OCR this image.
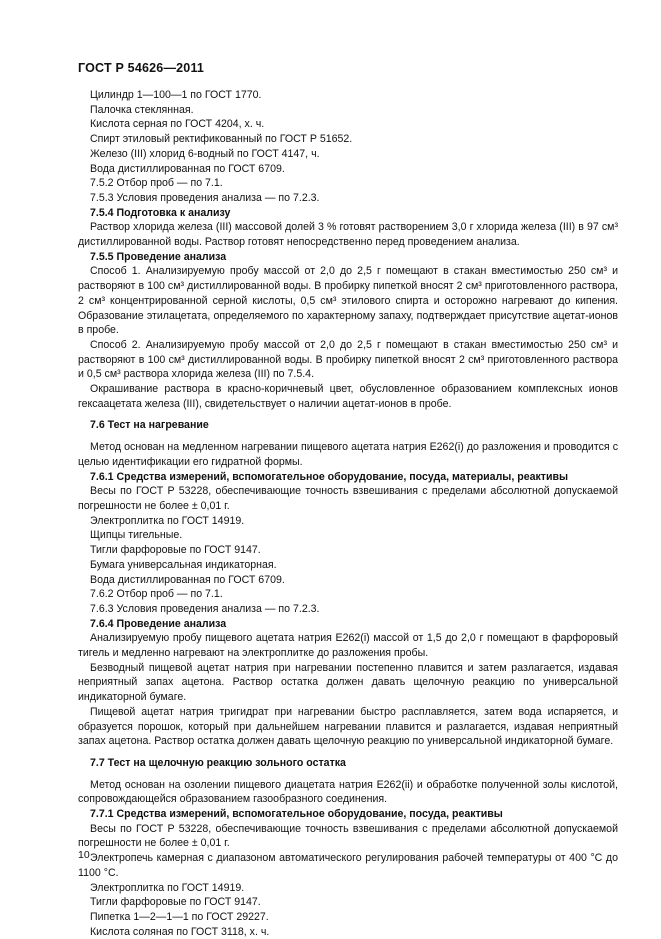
ГОСТ Р 54626—2011

Цилиндр 1—100—1 по ГОСТ 1770.

Палочка стеклянная.

Кислота серная по ГОСТ 4204, х. ч.

Спирт этиловый ректификованный по ГОСТ Р 51652.

Железо (III) хлорид 6-водный по ГОСТ 4147, ч.

Вода дистиллированная по ГОСТ 6709.

7.5.2 Отбор проб — по 7.1.

7.5.3 Условия проведения анализа — по 7.2.3.

7.5.4 Подготовка к анализу

Раствор хлорида железа (III) массовой долей 3 % готовят растворением 3,0 г хлорида железа (III) в 97 см³ дистиллированной воды. Раствор готовят непосредственно перед проведением анализа.

7.5.5 Проведение анализа

Способ 1. Анализируемую пробу массой от 2,0 до 2,5 г помещают в стакан вместимостью 250 см³ и растворяют в 100 см³ дистиллированной воды. В пробирку пипеткой вносят 2 см³ приготовленного раствора, 2 см³ концентрированной серной кислоты, 0,5 см³ этилового спирта и осторожно нагревают до кипения. Образование этилацетата, определяемого по характерному запаху, подтверждает присутствие ацетат-ионов в пробе.

Способ 2. Анализируемую пробу массой от 2,0 до 2,5 г помещают в стакан вместимостью 250 см³ и растворяют в 100 см³ дистиллированной воды. В пробирку пипеткой вносят 2 см³ приготовленного раствора и 0,5 см³ раствора хлорида железа (III) по 7.5.4.

Окрашивание раствора в красно-коричневый цвет, обусловленное образованием комплексных ионов гексаацетата железа (III), свидетельствует о наличии ацетат-ионов в пробе.

7.6 Тест на нагревание

Метод основан на медленном нагревании пищевого ацетата натрия Е262(i) до разложения и проводится с целью идентификации его гидратной формы.

7.6.1 Средства измерений, вспомогательное оборудование, посуда, материалы, реактивы

Весы по ГОСТ Р 53228, обеспечивающие точность взвешивания с пределами абсолютной допускаемой погрешности не более ± 0,01 г.

Электроплитка по ГОСТ 14919.

Щипцы тигельные.

Тигли фарфоровые по ГОСТ 9147.

Бумага универсальная индикаторная.

Вода дистиллированная по ГОСТ 6709.

7.6.2 Отбор проб — по 7.1.

7.6.3 Условия проведения анализа — по 7.2.3.

7.6.4 Проведение анализа

Анализируемую пробу пищевого ацетата натрия Е262(i) массой от 1,5 до 2,0 г помещают в фарфоровый тигель и медленно нагревают на электроплитке до разложения пробы.

Безводный пищевой ацетат натрия при нагревании постепенно плавится и затем разлагается, издавая неприятный запах ацетона. Раствор остатка должен давать щелочную реакцию по универсальной индикаторной бумаге.

Пищевой ацетат натрия тригидрат при нагревании быстро расплавляется, затем вода испаряется, и образуется порошок, который при дальнейшем нагревании плавится и разлагается, издавая неприятный запах ацетона. Раствор остатка должен давать щелочную реакцию по универсальной индикаторной бумаге.

7.7 Тест на щелочную реакцию зольного остатка

Метод основан на озолении пищевого диацетата натрия Е262(ii) и обработке полученной золы кислотой, сопровождающейся образованием газообразного соединения.

7.7.1 Средства измерений, вспомогательное оборудование, посуда, реактивы

Весы по ГОСТ Р 53228, обеспечивающие точность взвешивания с пределами абсолютной допускаемой погрешности не более ± 0,01 г.

Электропечь камерная с диапазоном автоматического регулирования рабочей температуры от 400 °С до 1100 °С.

Электроплитка по ГОСТ 14919.

Тигли фарфоровые по ГОСТ 9147.

Пипетка 1—2—1—1 по ГОСТ 29227.

Кислота соляная по ГОСТ 3118, х. ч.

10
